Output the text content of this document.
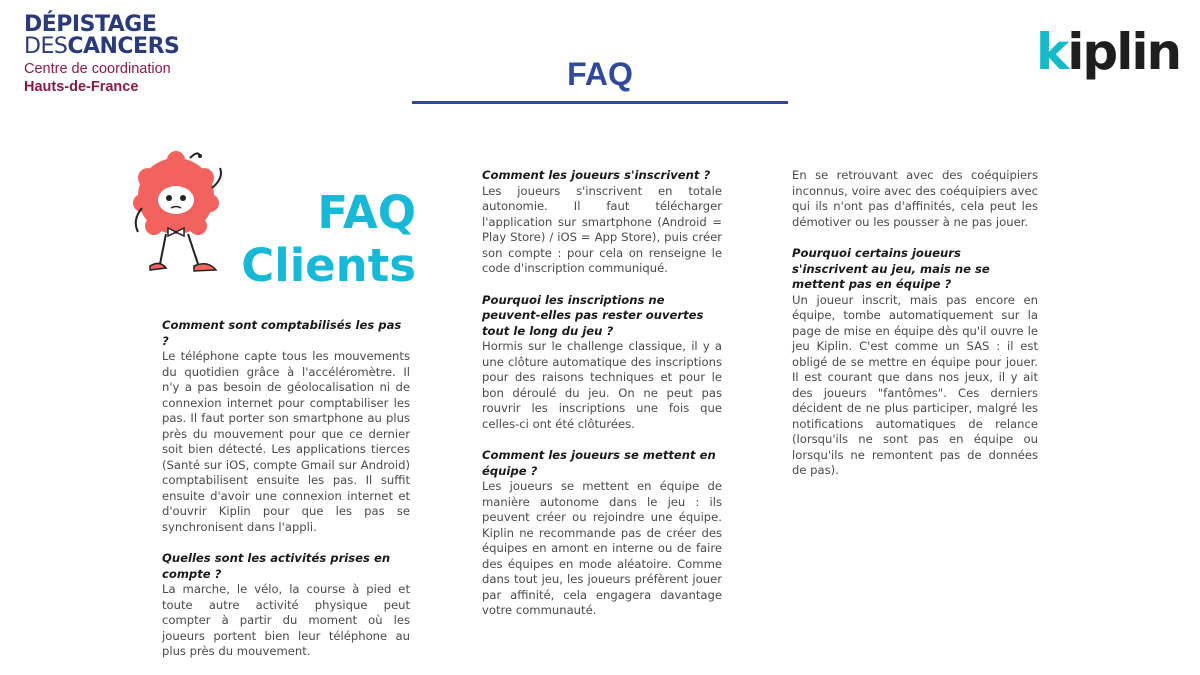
DÉPISTAGE
DESCANCERS
Centre de coordination
Hauts-de-France	FAQ	kiplin
FAQ
Clients
Comment sont comptabilisés les pas ?
Le téléphone capte tous les mouvements du quotidien grâce à l'accéléromètre. Il n'y a pas besoin de géolocalisation ni de connexion internet pour comptabiliser les pas. Il faut porter son smartphone au plus près du mouvement pour que ce dernier soit bien détecté. Les applications tierces (Santé sur iOS, compte Gmail sur Android) comptabilisent ensuite les pas. Il suffit ensuite d'avoir une connexion internet et d'ouvrir Kiplin pour que les pas se synchronisent dans l'appli.
Quelles sont les activités prises en compte ?
La marche, le vélo, la course à pied et toute autre activité physique peut compter à partir du moment où les joueurs portent bien leur téléphone au plus près du mouvement.
Comment les joueurs s'inscrivent ?
Les joueurs s'inscrivent en totale autonomie. Il faut télécharger l'application sur smartphone (Android = Play Store) / iOS = App Store), puis créer son compte : pour cela on renseigne le code d'inscription communiqué.
Pourquoi les inscriptions ne peuvent-elles pas rester ouvertes tout le long du jeu ?
Hormis sur le challenge classique, il y a une clôture automatique des inscriptions pour des raisons techniques et pour le bon déroulé du jeu. On ne peut pas rouvrir les inscriptions une fois que celles-ci ont été clôturées.
Comment les joueurs se mettent en équipe ?
Les joueurs se mettent en équipe de manière autonome dans le jeu : ils peuvent créer ou rejoindre une équipe. Kiplin ne recommande pas de créer des équipes en amont en interne ou de faire des équipes en mode aléatoire. Comme dans tout jeu, les joueurs préfèrent jouer par affinité, cela engagera davantage votre communauté.
En se retrouvant avec des coéquipiers inconnus, voire avec des coéquipiers avec qui ils n'ont pas d'affinités, cela peut les démotiver ou les pousser à ne pas jouer.
Pourquoi certains joueurs s'inscrivent au jeu, mais ne se mettent pas en équipe ?
Un joueur inscrit, mais pas encore en équipe, tombe automatiquement sur la page de mise en équipe dès qu'il ouvre le jeu Kiplin. C'est comme un SAS : il est obligé de se mettre en équipe pour jouer. Il est courant que dans nos jeux, il y ait des joueurs "fantômes". Ces derniers décident de ne plus participer, malgré les notifications automatiques de relance (lorsqu'ils ne sont pas en équipe ou lorsqu'ils ne remontent pas de données de pas).
